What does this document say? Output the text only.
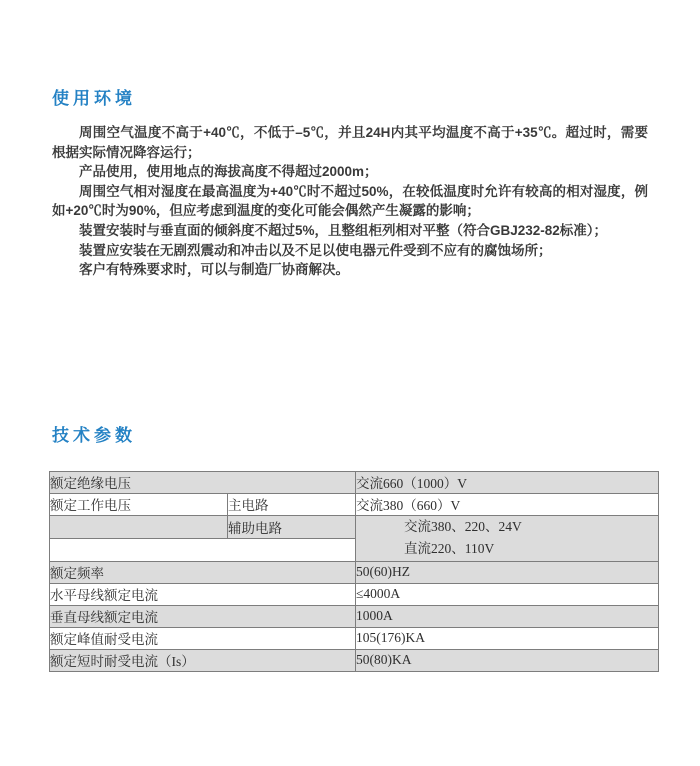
使用环境

周围空气温度不高于+40℃，不低于–5℃，并且24H内其平均温度不高于+35℃。超过时，需要根据实际情况降容运行；

产品使用，使用地点的海拔高度不得超过2000m；

周围空气相对湿度在最高温度为+40℃时不超过50%，在较低温度时允许有较高的相对湿度，例如+20℃时为90%，但应考虑到温度的变化可能会偶然产生凝露的影响；

装置安装时与垂直面的倾斜度不超过5%，且整组柜列相对平整（符合GBJ232-82标准）；

装置应安装在无剧烈震动和冲击以及不足以使电器元件受到不应有的腐蚀场所；

客户有特殊要求时，可以与制造厂协商解决。

技术参数
额定绝缘电压		交流660（1000）V
额定工作电压	主电路	交流380（660）V
	辅助电路	交流380、220、24V
直流220、110V

额定频率		50(60)HZ
水平母线额定电流		≤4000A
垂直母线额定电流		1000A
额定峰值耐受电流		105(176)KA
额定短时耐受电流（Is）		50(80)KA
